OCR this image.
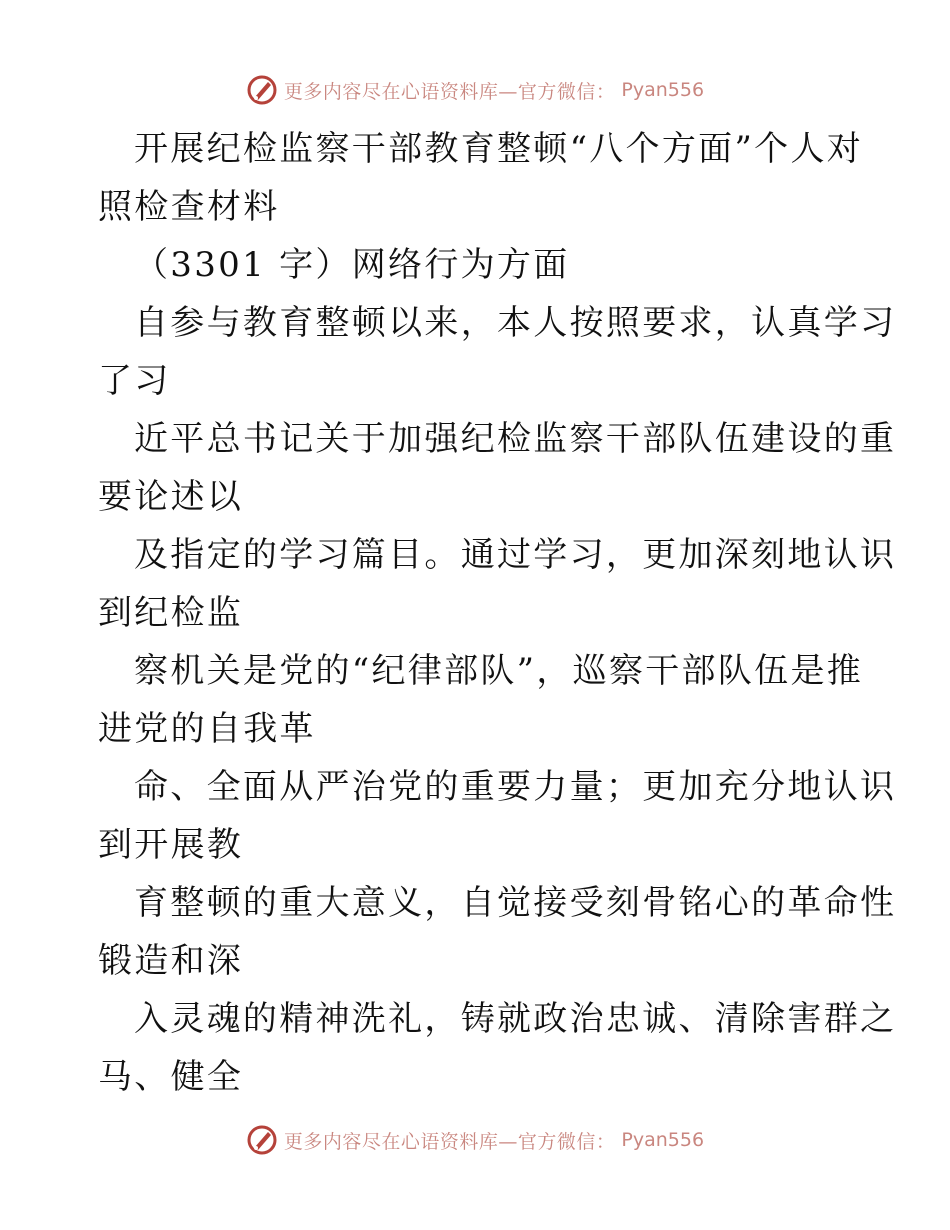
更多内容尽在心语资料库—官方微信： Pyan556
开展纪检监察干部教育整顿“八个方面”个人对
照检查材料
（3301 字）网络行为方面
自参与教育整顿以来，本人按照要求，认真学习
了习
近平总书记关于加强纪检监察干部队伍建设的重
要论述以
及指定的学习篇目。通过学习，更加深刻地认识
到纪检监
察机关是党的“纪律部队”，巡察干部队伍是推
进党的自我革
命、全面从严治党的重要力量；更加充分地认识
到开展教
育整顿的重大意义，自觉接受刻骨铭心的革命性
锻造和深
入灵魂的精神洗礼，铸就政治忠诚、清除害群之
马、健全
更多内容尽在心语资料库—官方微信： Pyan556
